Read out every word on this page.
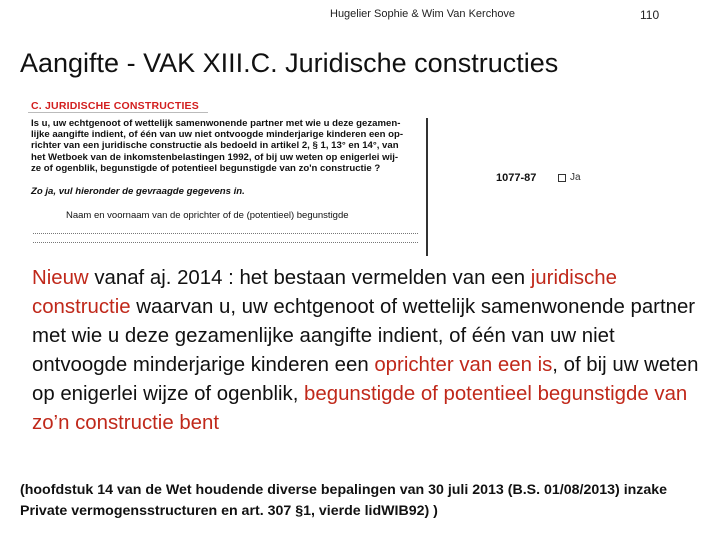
Hugelier Sophie & Wim Van Kerchove	110
Aangifte - VAK XIII.C. Juridische constructies
C. JURIDISCHE CONSTRUCTIES
Is u, uw echtgenoot of wettelijk samenwonende partner met wie u deze gezamen-
lijke aangifte indient, of één van uw niet ontvoogde minderjarige kinderen een op-
richter van een juridische constructie als bedoeld in artikel 2, § 1, 13° en 14°, van
het Wetboek van de inkomstenbelastingen 1992, of bij uw weten op enigerlei wij-
ze of ogenblik, begunstigde of potentieel begunstigde van zo'n constructie ?
Zo ja, vul hieronder de gevraagde gegevens in.
1077-87	Ja
Naam en voornaam van de oprichter of de (potentieel) begunstigde
Nieuw vanaf aj. 2014 : het bestaan vermelden van een juridische constructie waarvan u, uw echtgenoot of wettelijk samenwonende partner met wie u deze gezamenlijke aangifte indient, of één van uw niet ontvoogde minderjarige kinderen een oprichter van een is, of bij uw weten op enigerlei wijze of ogenblik, begunstigde of potentieel begunstigde van zo’n constructie bent
(hoofdstuk 14 van de Wet houdende diverse bepalingen van 30 juli 2013 (B.S. 01/08/2013) inzake Private vermogensstructuren en art. 307 §1, vierde lidWIB92) )
